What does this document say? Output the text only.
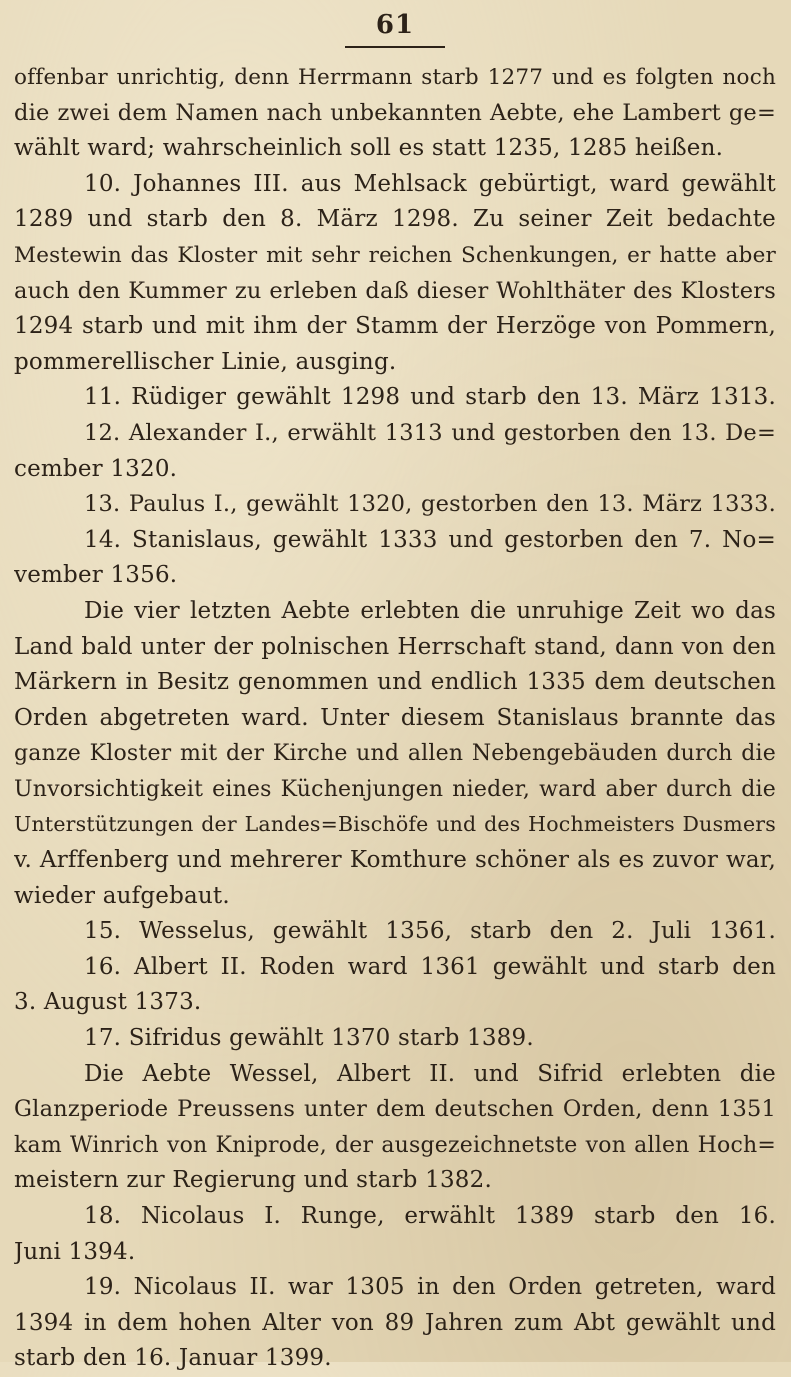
61
offenbar unrichtig, denn Herrmann starb 1277 und es folgten noch
die zwei dem Namen nach unbekannten Aebte, ehe Lambert ge=
wählt ward; wahrscheinlich soll es statt 1235, 1285 heißen.
10. Johannes III. aus Mehlsack gebürtigt, ward gewählt
1289 und starb den 8. März 1298. Zu seiner Zeit bedachte
Mestewin das Kloster mit sehr reichen Schenkungen, er hatte aber
auch den Kummer zu erleben daß dieser Wohlthäter des Klosters
1294 starb und mit ihm der Stamm der Herzöge von Pommern,
pommerellischer Linie, ausging.
11. Rüdiger gewählt 1298 und starb den 13. März 1313.
12. Alexander I., erwählt 1313 und gestorben den 13. De=
cember 1320.
13. Paulus I., gewählt 1320, gestorben den 13. März 1333.
14. Stanislaus, gewählt 1333 und gestorben den 7. No=
vember 1356.
Die vier letzten Aebte erlebten die unruhige Zeit wo das
Land bald unter der polnischen Herrschaft stand, dann von den
Märkern in Besitz genommen und endlich 1335 dem deutschen
Orden abgetreten ward. Unter diesem Stanislaus brannte das
ganze Kloster mit der Kirche und allen Nebengebäuden durch die
Unvorsichtigkeit eines Küchenjungen nieder, ward aber durch die
Unterstützungen der Landes=Bischöfe und des Hochmeisters Dusmers
v. Arffenberg und mehrerer Komthure schöner als es zuvor war,
wieder aufgebaut.
15. Wesselus, gewählt 1356, starb den 2. Juli 1361.
16. Albert II. Roden ward 1361 gewählt und starb den
3. August 1373.
17. Sifridus gewählt 1370 starb 1389.
Die Aebte Wessel, Albert II. und Sifrid erlebten die
Glanzperiode Preussens unter dem deutschen Orden, denn 1351
kam Winrich von Kniprode, der ausgezeichnetste von allen Hoch=
meistern zur Regierung und starb 1382.
18. Nicolaus I. Runge, erwählt 1389 starb den 16.
Juni 1394.
19. Nicolaus II. war 1305 in den Orden getreten, ward
1394 in dem hohen Alter von 89 Jahren zum Abt gewählt und
starb den 16. Januar 1399.
